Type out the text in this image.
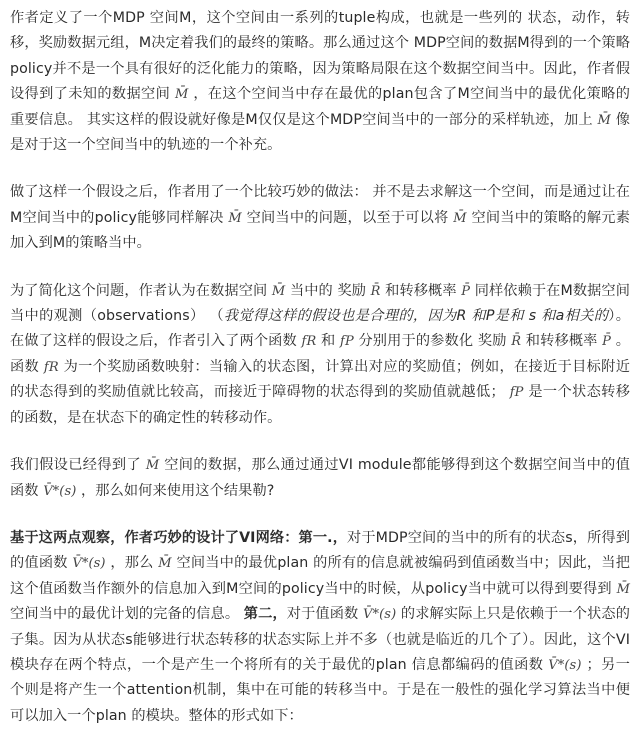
作者定义了一个MDP 空间M，这个空间由一系列的tuple构成，也就是一些列的 状态，动作，转移，奖励数据元组，M决定着我们的最终的策略。那么通过这个 MDP空间的数据M得到的一个策略 policy并不是一个具有很好的泛化能力的策略，因为策略局限在这个数据空间当中。因此，作者假设得到了未知的数据空间 M̄ ，在这个空间当中存在最优的plan包含了M空间当中的最优化策略的重要信息。 其实这样的假设就好像是M仅仅是这个MDP空间当中的一部分的采样轨迹，加上 M̄ 像是对于这一个空间当中的轨迹的一个补充。

做了这样一个假设之后，作者用了一个比较巧妙的做法： 并不是去求解这一个空间，而是通过让在 M空间当中的policy能够同样解决 M̄ 空间当中的问题，以至于可以将 M̄ 空间当中的策略的解元素加入到M的策略当中。

为了简化这个问题，作者认为在数据空间 M̄ 当中的 奖励 R̄ 和转移概率 P̄ 同样依赖于在M数据空间当中的观测（observations） （我觉得这样的假设也是合理的，因为R 和P是和 s 和a相关的）。在做了这样的假设之后，作者引入了两个函数 fR 和 fP 分别用于的参数化 奖励 R̄ 和转移概率 P̄ 。函数 fR 为一个奖励函数映射：当输入的状态图，计算出对应的奖励值；例如，在接近于目标附近的状态得到的奖励值就比较高，而接近于障碍物的状态得到的奖励值就越低； fP 是一个状态转移的函数，是在状态下的确定性的转移动作。

我们假设已经得到了 M̄ 空间的数据，那么通过通过VI module都能够得到这个数据空间当中的值函数 V̄*(s) ，那么如何来使用这个结果勒?

基于这两点观察，作者巧妙的设计了VI网络：第一.，对于MDP空间的当中的所有的状态s，所得到的值函数 V̄*(s) ，那么 M̄ 空间当中的最优plan 的所有的信息就被编码到值函数当中；因此，当把这个值函数当作额外的信息加入到M空间的policy当中的时候，从policy当中就可以得到要得到 M̄ 空间当中的最优计划的完备的信息。 第二，对于值函数 V̄*(s) 的求解实际上只是依赖于一个状态的子集。因为从状态s能够进行状态转移的状态实际上并不多（也就是临近的几个了）。因此，这个VI模块存在两个特点，一个是产生一个将所有的关于最优的plan 信息都编码的值函数 V̄*(s) ；另一个则是将产生一个attention机制，集中在可能的转移当中。于是在一般性的强化学习算法当中便可以加入一个plan 的模块。整体的形式如下：
